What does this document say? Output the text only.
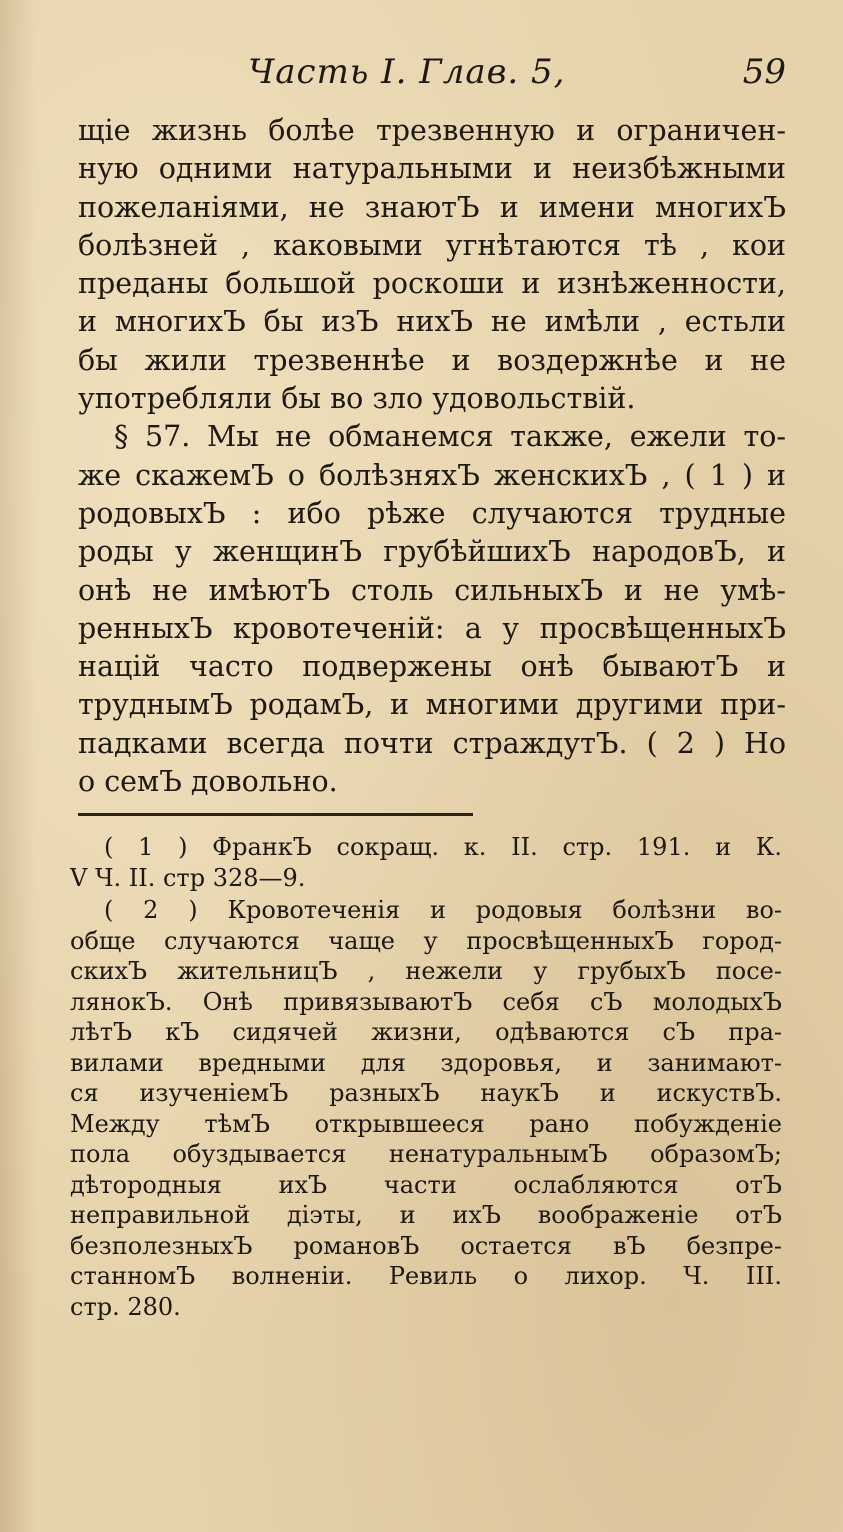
Часть I. Глав. 5,	59
щіе жизнь болѣе трезвенную и ограничен-
ную одними натуральными и неизбѣжными
пожеланіями, не знаютЪ и имени многихЪ
болѣзней , каковыми угнѣтаются тѣ , кои
преданы большой роскоши и изнѣженности,
и многихЪ бы изЪ нихЪ не имѣли , естьли
бы жили трезвеннѣе и воздержнѣе и не
употребляли бы во зло удовольствій.
§ 57. Мы не обманемся также, ежели то-
же скажемЪ о болѣзняхЪ женскихЪ , ( 1 ) и
родовыхЪ : ибо рѣже случаются трудные
роды у женщинЪ грубѣйшихЪ народовЪ, и
онѣ не имѣютЪ столь сильныхЪ и не умѣ-
ренныхЪ кровотеченій: а у просвѣщенныхЪ
націй часто подвержены онѣ бываютЪ и
труднымЪ родамЪ, и многими другими при-
падками всегда почти страждутЪ. ( 2 ) Но
о семЪ довольно.
( 1 ) ФранкЪ сокращ. к. II. стр. 191. и К.
V Ч. II. стр 328—9.
( 2 ) Кровотеченія и родовыя болѣзни во-
обще случаются чаще у просвѣщенныхЪ город-
скихЪ жительницЪ , нежели у грубыхЪ посе-
лянокЪ. Онѣ привязываютЪ себя сЪ молодыхЪ
лѣтЪ кЪ сидячей жизни, одѣваются сЪ пра-
вилами вредными для здоровья, и занимают-
ся изученіемЪ разныхЪ наукЪ и искуствЪ.
Между тѣмЪ открывшееся рано побужденіе
пола обуздывается ненатуральнымЪ образомЪ;
дѣтородныя ихЪ части ослабляются отЪ
неправильной діэты, и ихЪ воображеніе отЪ
безполезныхЪ романовЪ остается вЪ безпре-
станномЪ волненіи. Ревиль о лихор. Ч. III.
стр. 280.
